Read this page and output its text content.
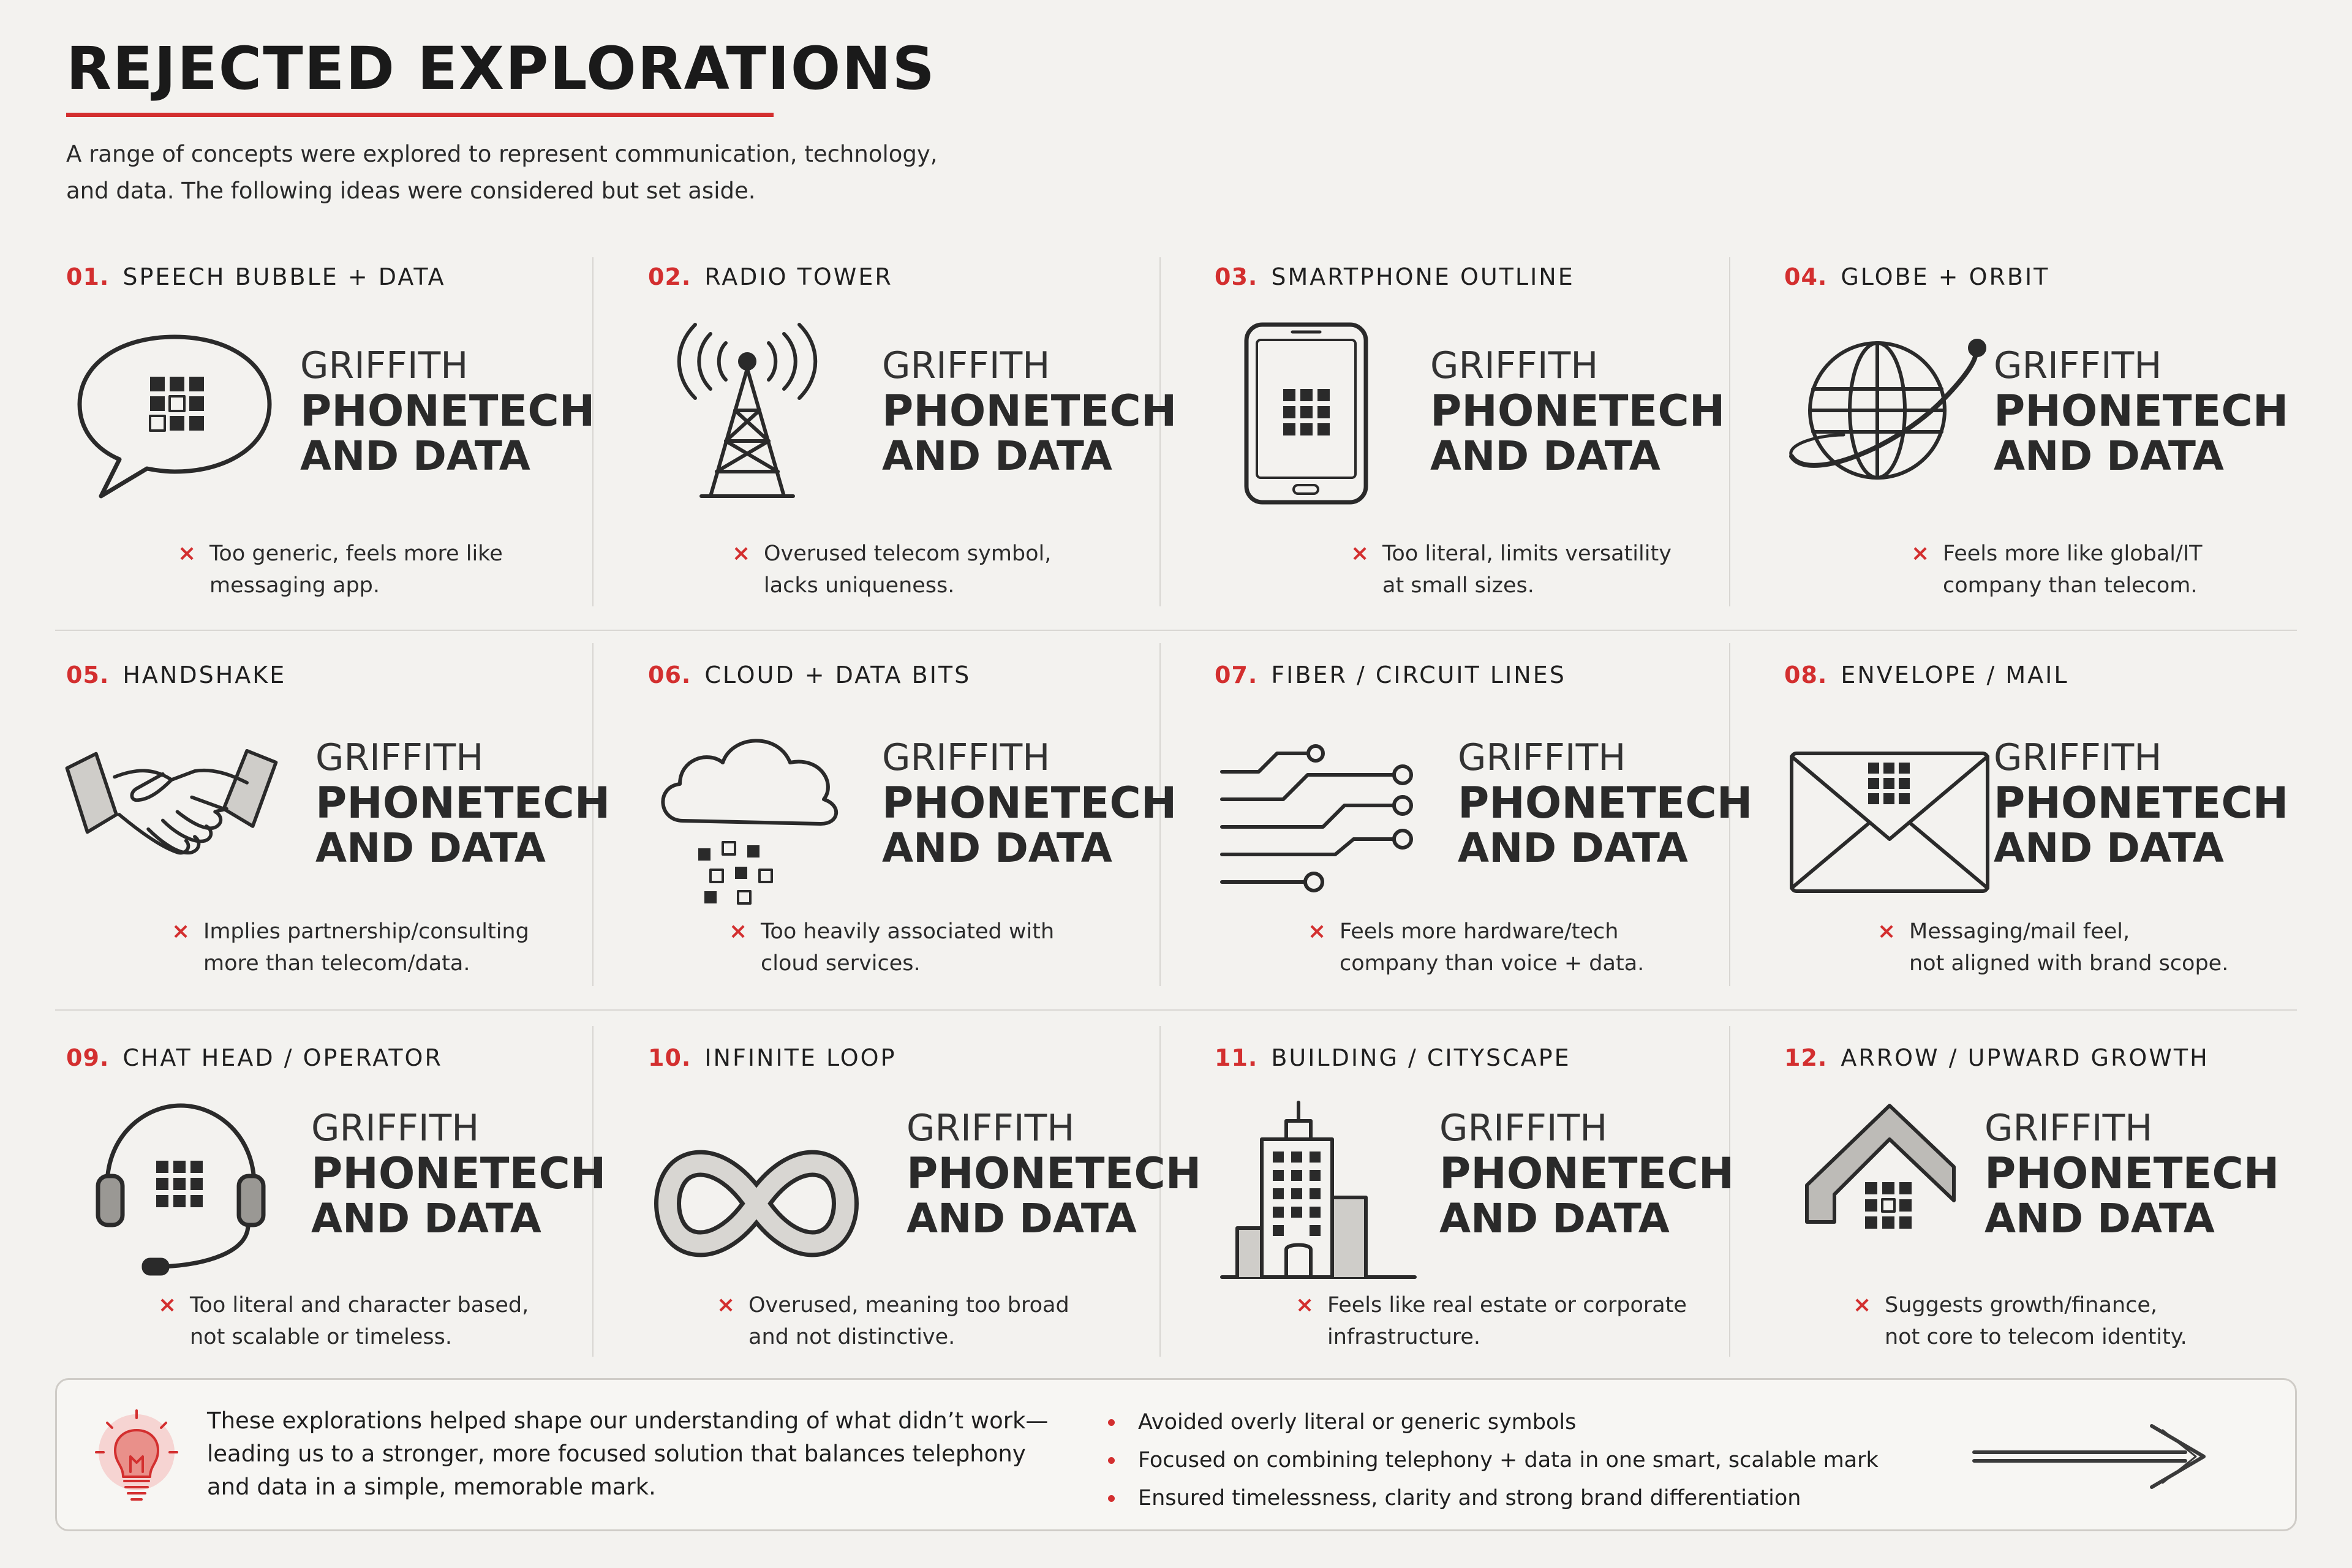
REJECTED EXPLORATIONS
A range of concepts were explored to represent communication, technology,
and data. The following ideas were considered but set aside.
01. SPEECH BUBBLE + DATA
GRIFFITH
PHONETECH
AND DATA
× Too generic, feels more like
messaging app.
02. RADIO TOWER
GRIFFITH
PHONETECH
AND DATA
× Overused telecom symbol,
lacks uniqueness.
03. SMARTPHONE OUTLINE
GRIFFITH
PHONETECH
AND DATA
× Too literal, limits versatility
at small sizes.
04. GLOBE + ORBIT
GRIFFITH
PHONETECH
AND DATA
× Feels more like global/IT
company than telecom.
05. HANDSHAKE
GRIFFITH
PHONETECH
AND DATA
× Implies partnership/consulting
more than telecom/data.
06. CLOUD + DATA BITS
GRIFFITH
PHONETECH
AND DATA
× Too heavily associated with
cloud services.
07. FIBER / CIRCUIT LINES
GRIFFITH
PHONETECH
AND DATA
× Feels more hardware/tech
company than voice + data.
08. ENVELOPE / MAIL
GRIFFITH
PHONETECH
AND DATA
× Messaging/mail feel,
not aligned with brand scope.
09. CHAT HEAD / OPERATOR
GRIFFITH
PHONETECH
AND DATA
× Too literal and character based,
not scalable or timeless.
10. INFINITE LOOP
GRIFFITH
PHONETECH
AND DATA
× Overused, meaning too broad
and not distinctive.
11. BUILDING / CITYSCAPE
GRIFFITH
PHONETECH
AND DATA
× Feels like real estate or corporate
infrastructure.
12. ARROW / UPWARD GROWTH
GRIFFITH
PHONETECH
AND DATA
× Suggests growth/finance,
not core to telecom identity.
These explorations helped shape our understanding of what didn’t work—
leading us to a stronger, more focused solution that balances telephony
and data in a simple, memorable mark.
Avoided overly literal or generic symbols
Focused on combining telephony + data in one smart, scalable mark
Ensured timelessness, clarity and strong brand differentiation
